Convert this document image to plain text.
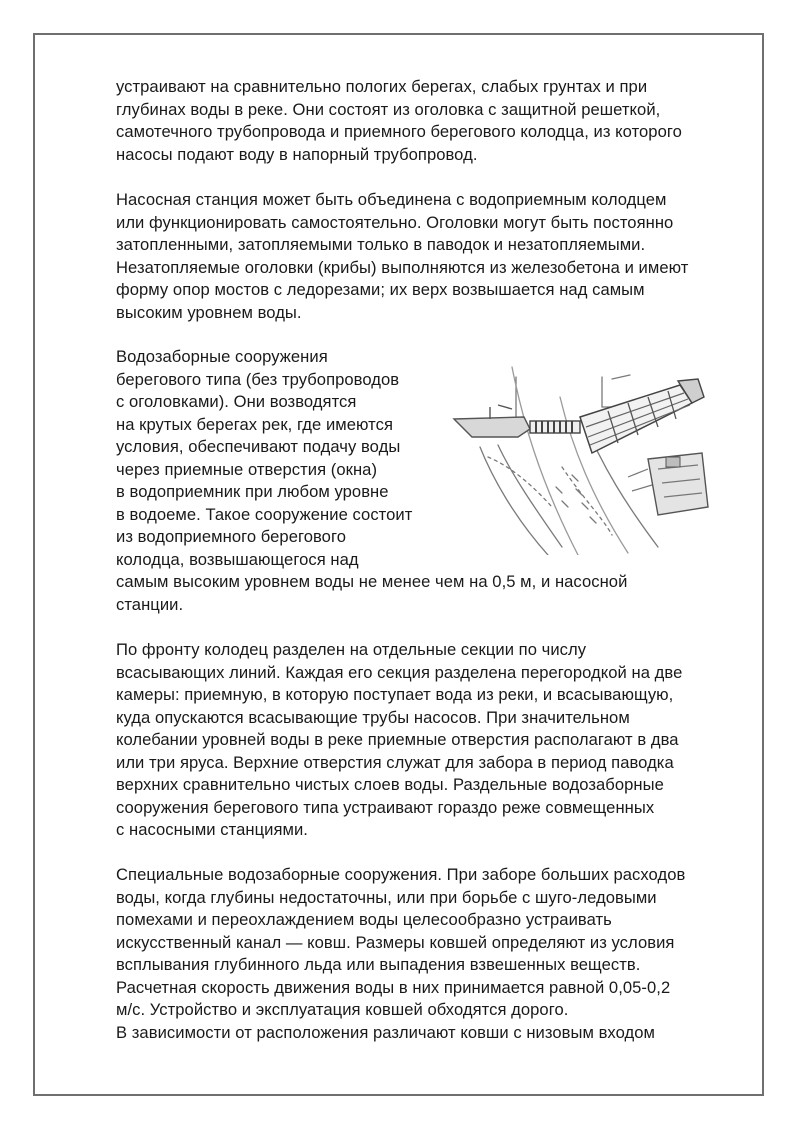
устраивают на сравнительно пологих берегах, слабых грунтах и при
глубинах воды в реке. Они состоят из оголовка с защитной решеткой,
самотечного трубопровода и приемного берегового колодца, из которого
насосы подают воду в напорный трубопровод.
Насосная станция может быть объединена с водоприемным колодцем
или функционировать самостоятельно. Оголовки могут быть постоянно
затопленными, затопляемыми только в паводок и незатопляемыми.
Незатопляемые оголовки (крибы) выполняются из железобетона и имеют
форму опор мостов с ледорезами; их верх возвышается над самым
высоким уровнем воды.
Водозаборные сооружения
берегового типа (без трубопроводов
с оголовками). Они возводятся
на крутых берегах рек, где имеются
условия, обеспечивают подачу воды
через приемные отверстия (окна)
в водоприемник при любом уровне
в водоеме. Такое сооружение состоит
из водоприемного берегового
колодца, возвышающегося над
самым высоким уровнем воды не менее чем на 0,5 м, и насосной
станции.
По фронту колодец разделен на отдельные секции по числу
всасывающих линий. Каждая его секция разделена перегородкой на две
камеры: приемную, в которую поступает вода из реки, и всасывающую,
куда опускаются всасывающие трубы насосов. При значительном
колебании уровней воды в реке приемные отверстия располагают в два
или три яруса. Верхние отверстия служат для забора в период паводка
верхних сравнительно чистых слоев воды. Раздельные водозаборные
сооружения берегового типа устраивают гораздо реже совмещенных
с насосными станциями.
Специальные водозаборные сооружения. При заборе больших расходов
воды, когда глубины недостаточны, или при борьбе с шуго-ледовыми
помехами и переохлаждением воды целесообразно устраивать
искусственный канал — ковш. Размеры ковшей определяют из условия
всплывания глубинного льда или выпадения взвешенных веществ.
Расчетная скорость движения воды в них принимается равной 0,05-0,2
м/с. Устройство и эксплуатация ковшей обходятся дорого.
В зависимости от расположения различают ковши с низовым входом
